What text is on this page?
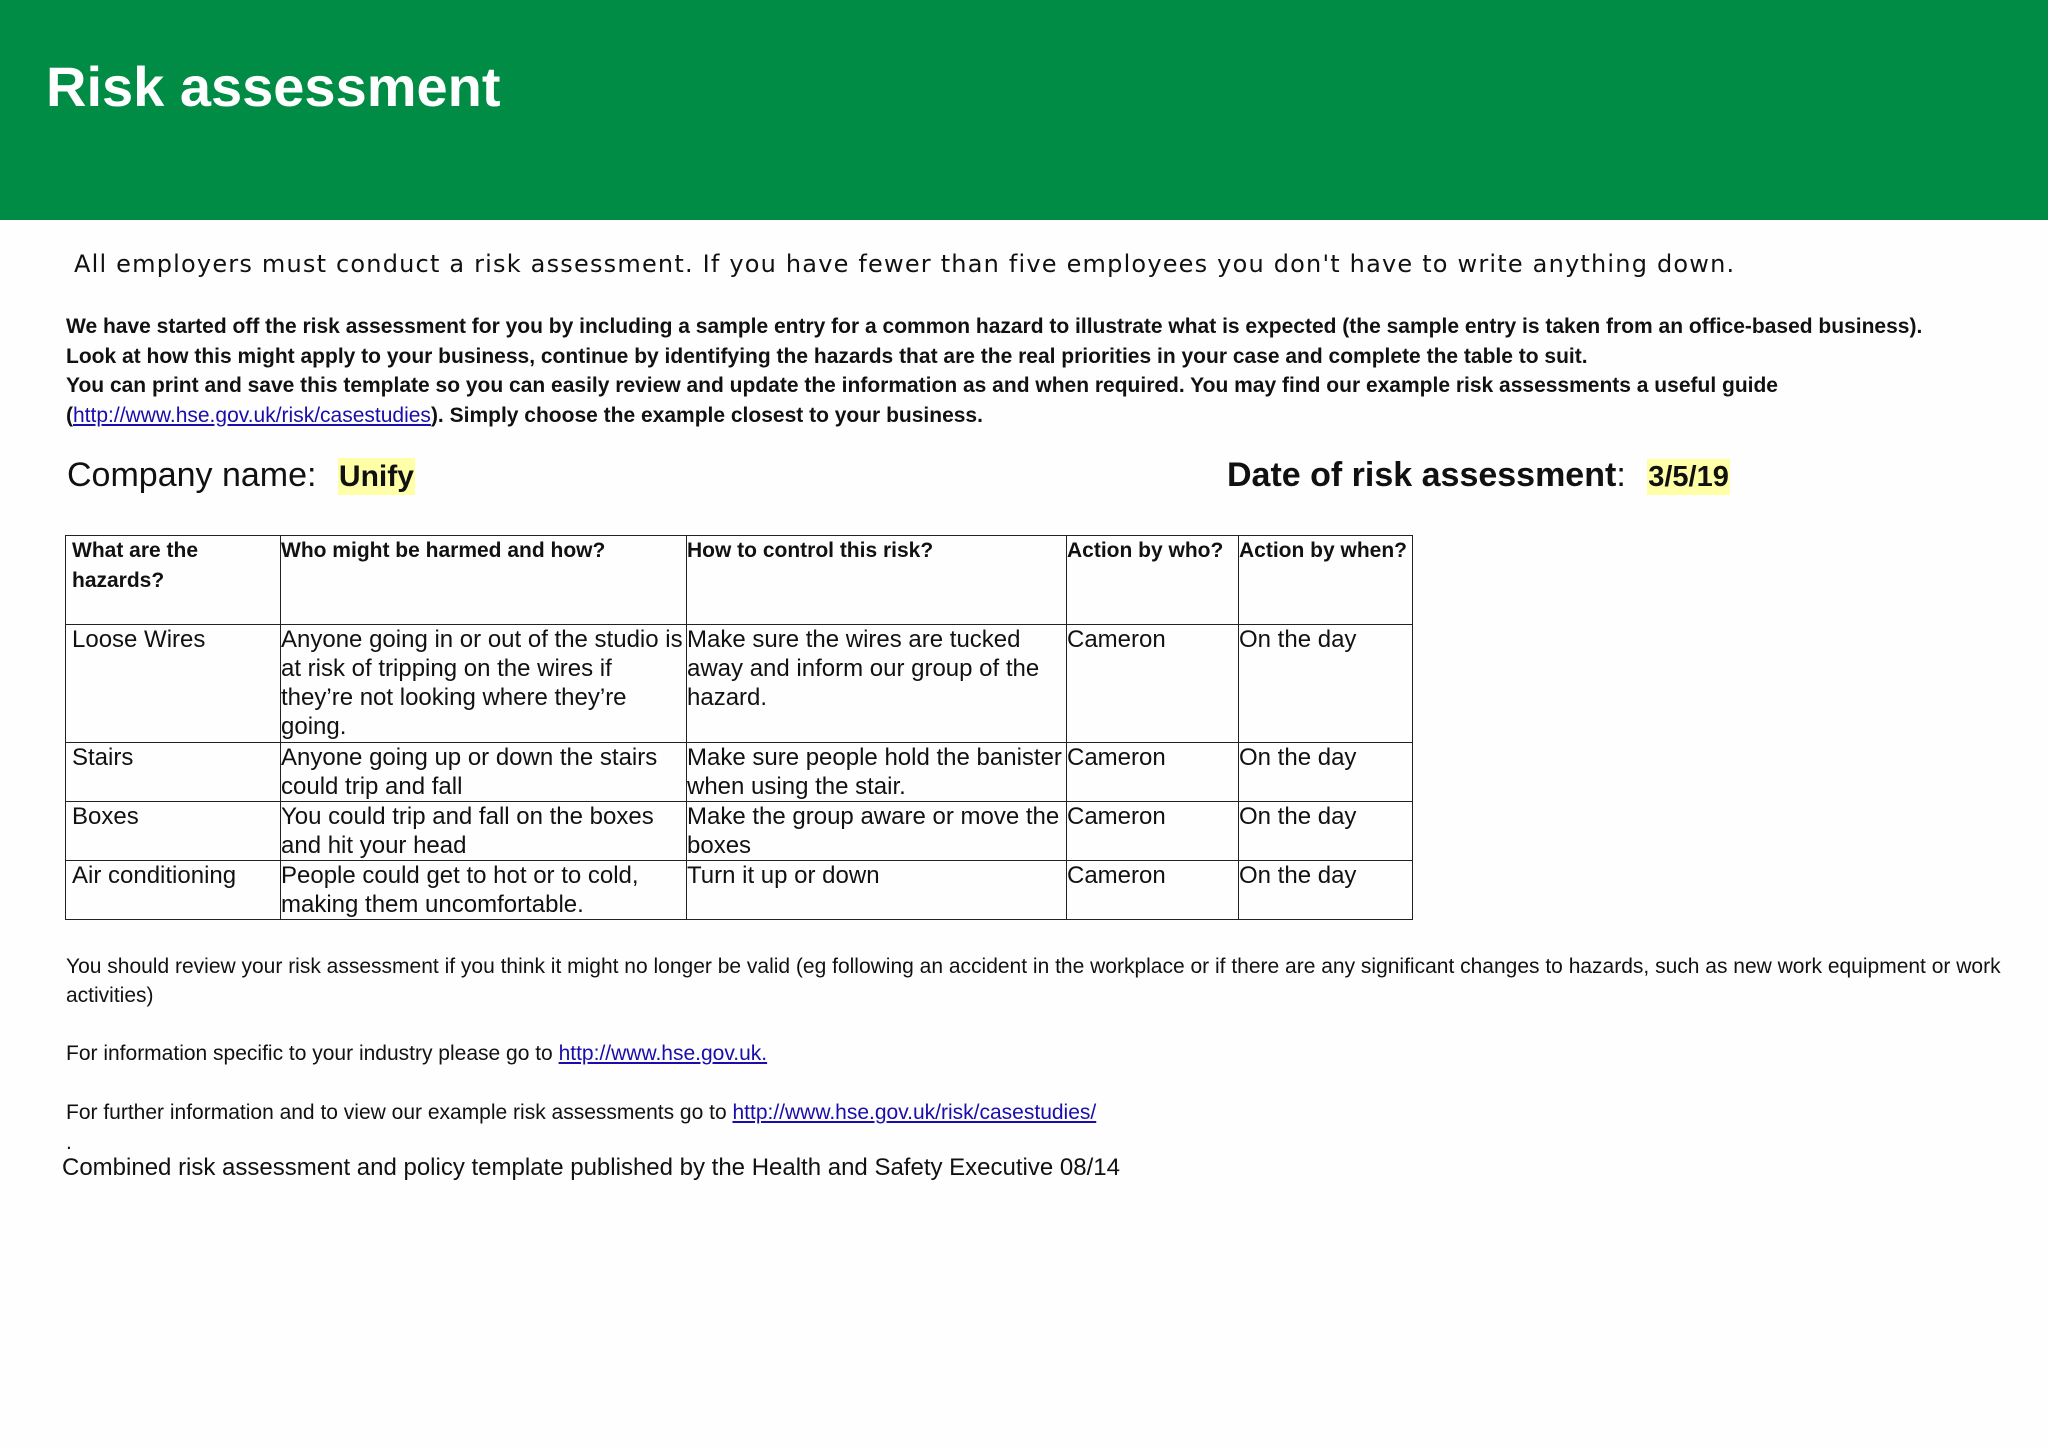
Risk assessment
All employers must conduct a risk assessment. If you have fewer than five employees you don't have to write anything down.

We have started off the risk assessment for you by including a sample entry for a common hazard to illustrate what is expected (the sample entry is taken from an office-based business).

Look at how this might apply to your business, continue by identifying the hazards that are the real priorities in your case and complete the table to suit.

You can print and save this template so you can easily review and update the information as and when required. You may find our example risk assessments a useful guide

(http://www.hse.gov.uk/risk/casestudies). Simply choose the example closest to your business.

Company name: Unify	Date of risk assessment: 3/5/19
What are the hazards?	Who might be harmed and how?	How to control this risk?	Action by who?	Action by when?
Loose Wires	Anyone going in or out of the studio is at risk of tripping on the wires if they’re not looking where they’re going.	Make sure the wires are tucked away and inform our group of the hazard.	Cameron	On the day
Stairs	Anyone going up or down the stairs could trip and fall	Make sure people hold the banister when using the stair.	Cameron	On the day
Boxes	You could trip and fall on the boxes and hit your head	Make the group aware or move the boxes	Cameron	On the day
Air conditioning	People could get to hot or to cold, making them uncomfortable.	Turn it up or down	Cameron	On the day
You should review your risk assessment if you think it might no longer be valid (eg following an accident in the workplace or if there are any significant changes to hazards, such as new work equipment or work activities)
For information specific to your industry please go to http://www.hse.gov.uk.
For further information and to view our example risk assessments go to http://www.hse.gov.uk/risk/casestudies/
.
Combined risk assessment and policy template published by the Health and Safety Executive 08/14
